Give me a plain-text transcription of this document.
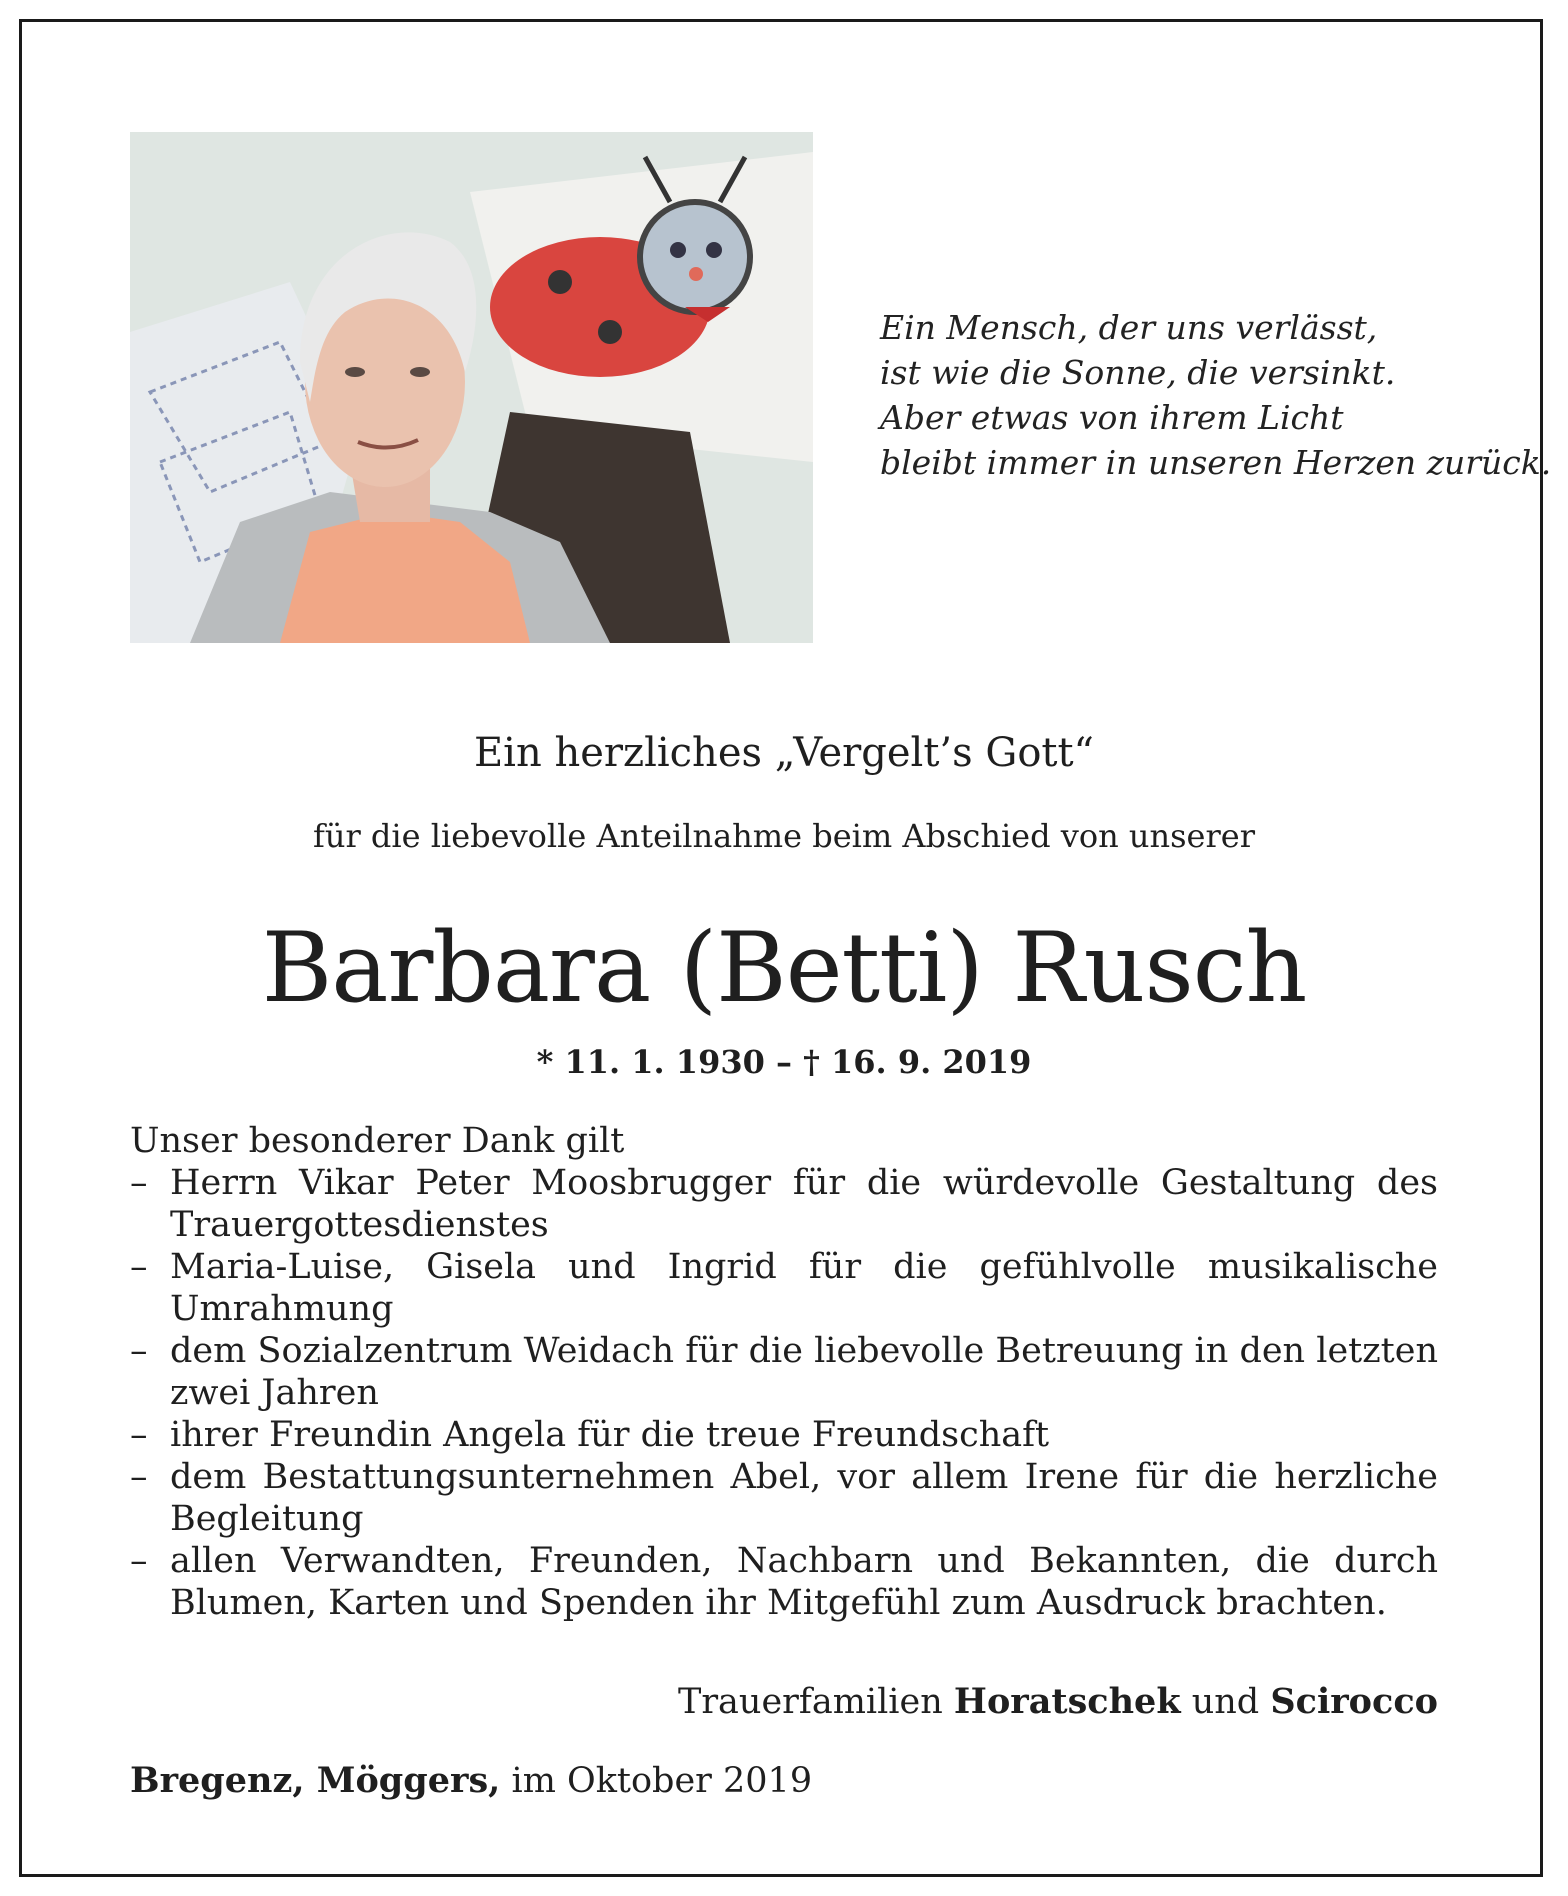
Ein Mensch, der uns verlässt,
ist wie die Sonne, die versinkt.
Aber etwas von ihrem Licht
bleibt immer in unseren Herzen zurück.
Ein herzliches „Vergelt’s Gott“
für die liebevolle Anteilnahme beim Abschied von unserer
Barbara (Betti) Rusch
* 11. 1. 1930 – † 16. 9. 2019
Unser besonderer Dank gilt
– Herrn Vikar Peter Moosbrugger für die würdevolle Gestaltung des Trauergottesdienstes
– Maria-Luise, Gisela und Ingrid für die gefühlvolle musikalische Umrahmung
– dem Sozialzentrum Weidach für die liebevolle Betreuung in den letzten zwei Jahren
– ihrer Freundin Angela für die treue Freundschaft
– dem Bestattungsunternehmen Abel, vor allem Irene für die herzliche Begleitung
– allen Verwandten, Freunden, Nachbarn und Bekannten, die durch Blumen, Karten und Spenden ihr Mitgefühl zum Ausdruck brachten.
Trauerfamilien Horatschek und Scirocco
Bregenz, Möggers, im Oktober 2019
